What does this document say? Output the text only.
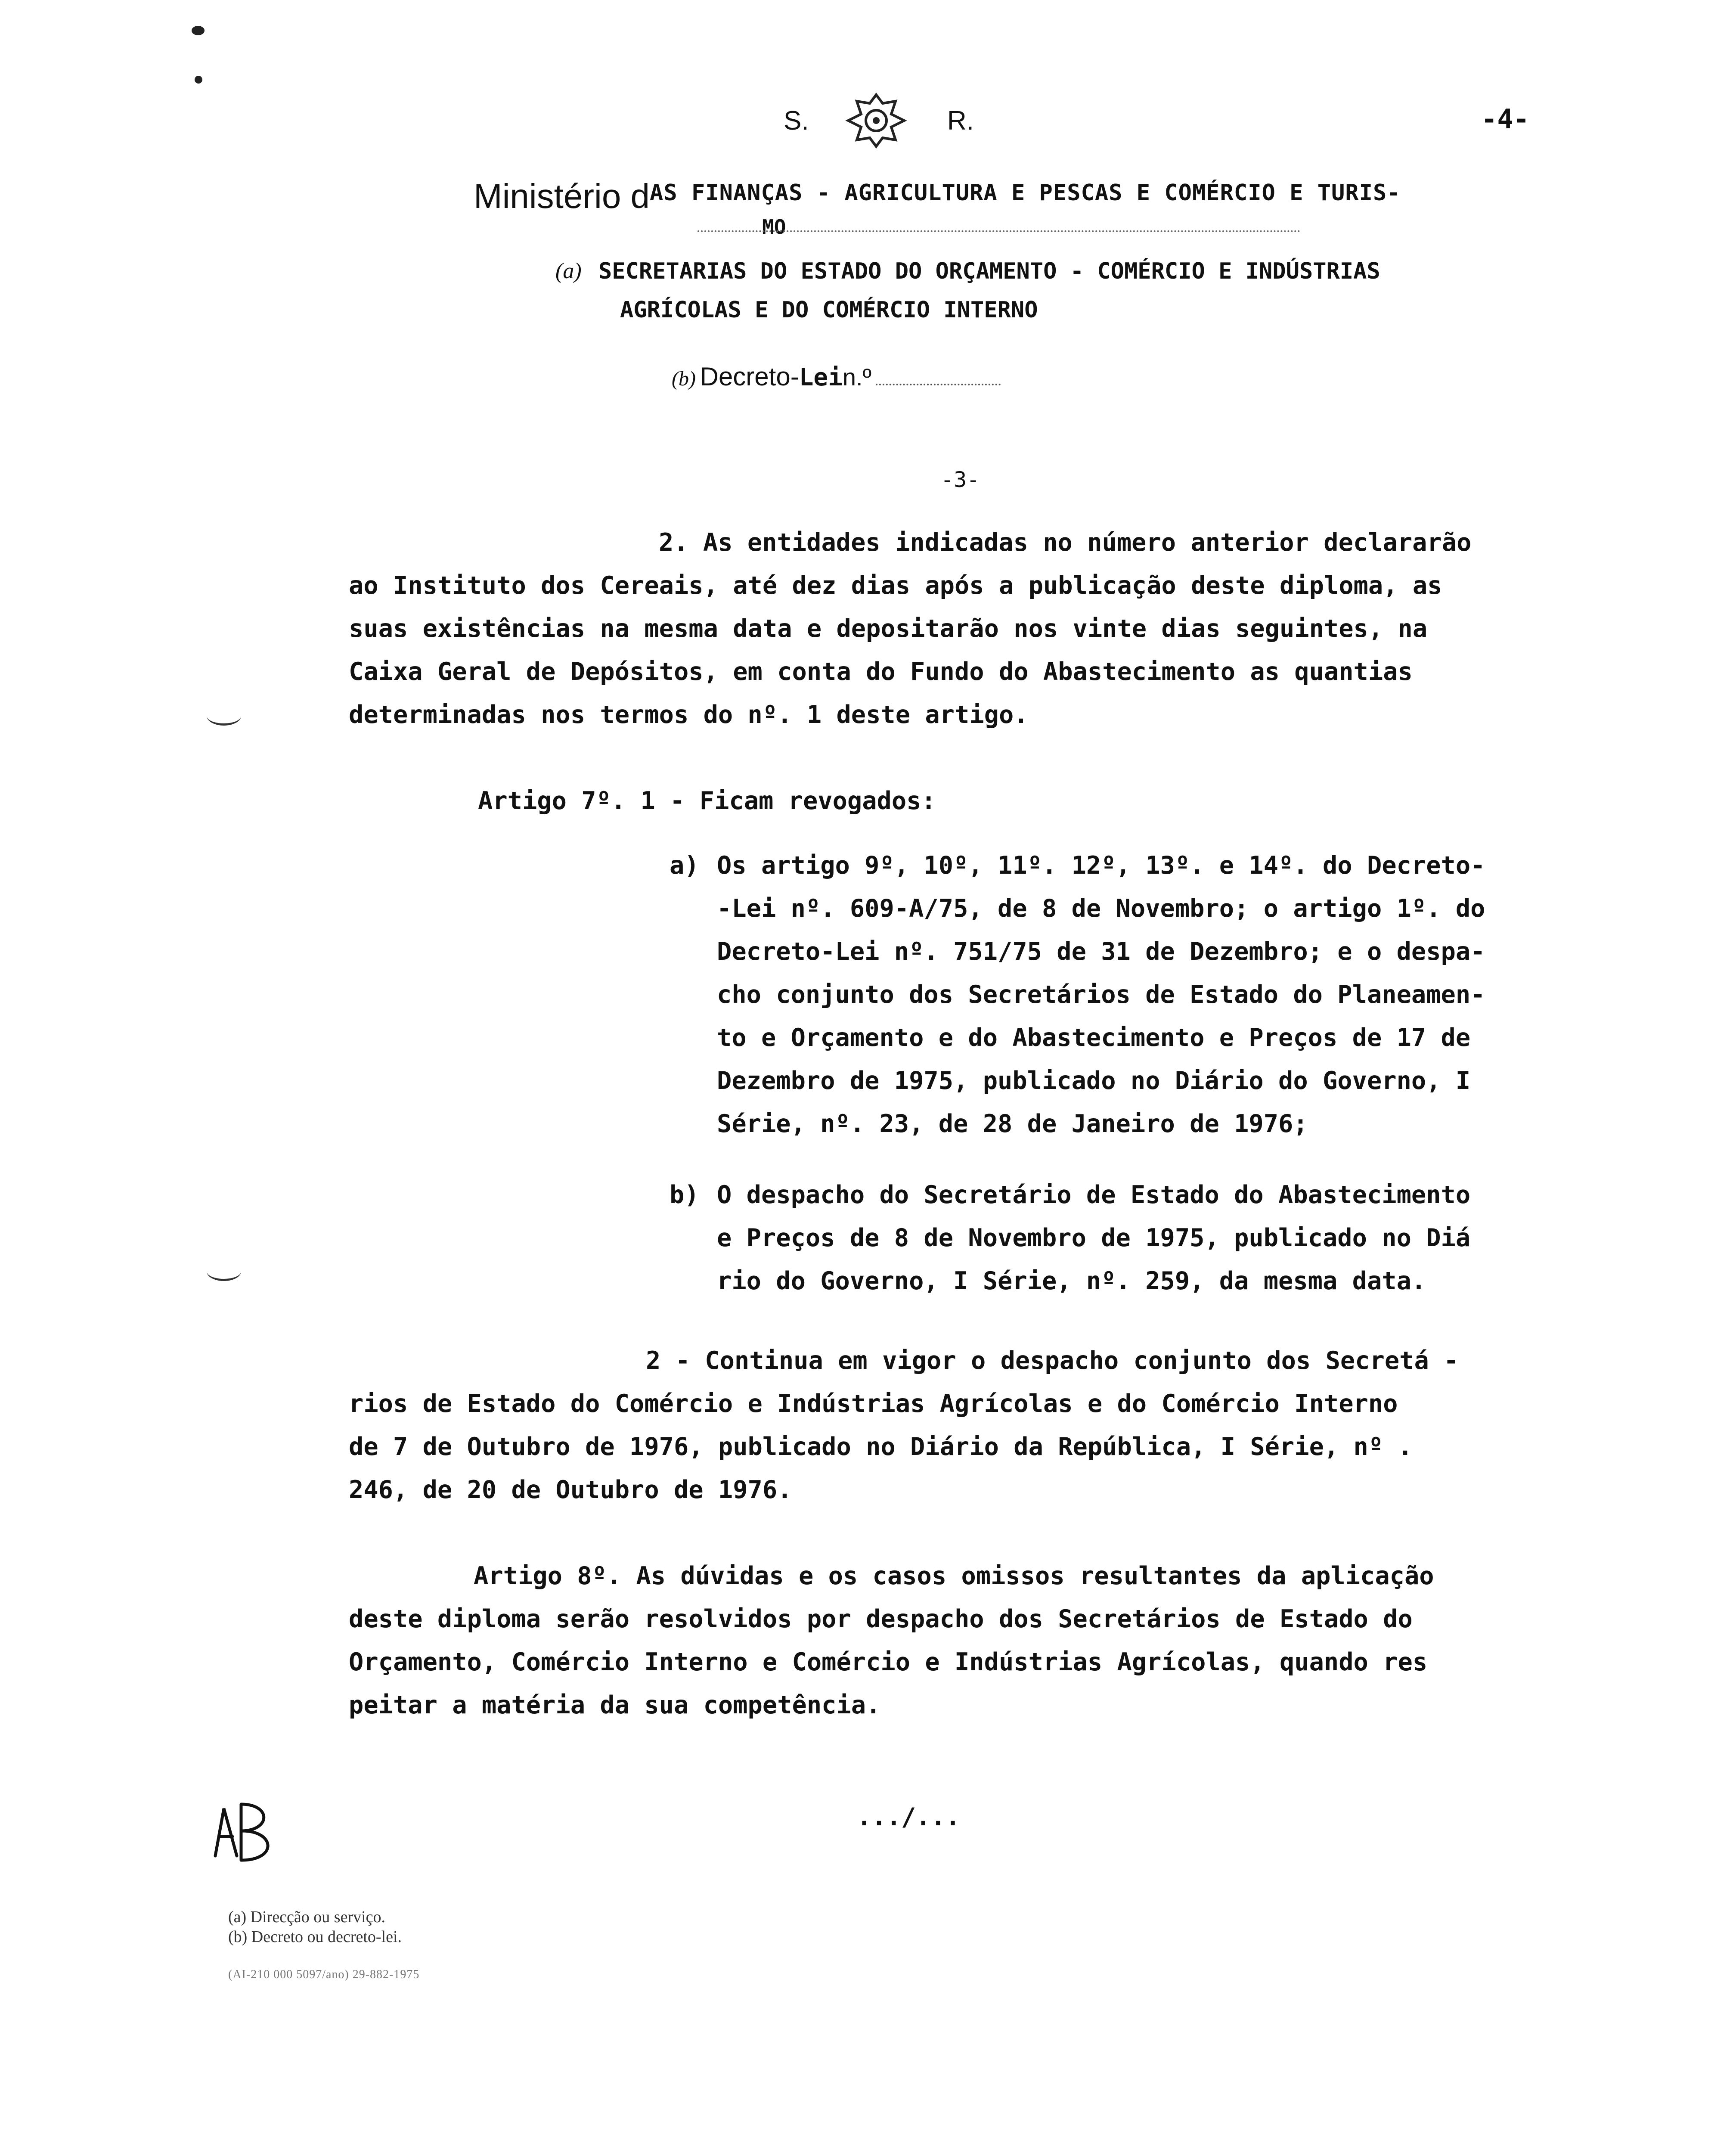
S.	R.	-4-
Ministério dAS FINANÇAS - AGRICULTURA E PESCAS E COMÉRCIO E TURIS-
MO
(a) SECRETARIAS DO ESTADO DO ORÇAMENTO - COMÉRCIO E INDÚSTRIAS
AGRÍCOLAS E DO COMÉRCIO INTERNO
(b) Decreto-Lein.º
-3-
2. As entidades indicadas no número anterior declararão
ao Instituto dos Cereais, até dez dias após a publicação deste diploma, as
suas existências na mesma data e depositarão nos vinte dias seguintes, na
Caixa Geral de Depósitos, em conta do Fundo do Abastecimento as quantias
determinadas nos termos do nº. 1 deste artigo.
Artigo 7º. 1 - Ficam revogados:
a) Os artigo 9º, 10º, 11º. 12º, 13º. e 14º. do Decreto-
-Lei nº. 609-A/75, de 8 de Novembro; o artigo 1º. do
Decreto-Lei nº. 751/75 de 31 de Dezembro; e o despa-
cho conjunto dos Secretários de Estado do Planeamen-
to e Orçamento e do Abastecimento e Preços de 17 de
Dezembro de 1975, publicado no Diário do Governo, I
Série, nº. 23, de 28 de Janeiro de 1976;
b) O despacho do Secretário de Estado do Abastecimento
e Preços de 8 de Novembro de 1975, publicado no Diá
rio do Governo, I Série, nº. 259, da mesma data.
2 - Continua em vigor o despacho conjunto dos Secretá -
rios de Estado do Comércio e Indústrias Agrícolas e do Comércio Interno
de 7 de Outubro de 1976, publicado no Diário da República, I Série, nº .
246, de 20 de Outubro de 1976.
Artigo 8º. As dúvidas e os casos omissos resultantes da aplicação
deste diploma serão resolvidos por despacho dos Secretários de Estado do
Orçamento, Comércio Interno e Comércio e Indústrias Agrícolas, quando res
peitar a matéria da sua competência.
.../...
(a) Direcção ou serviço.
(b) Decreto ou decreto-lei.
(AI-210 000 5097/ano) 29-882-1975
